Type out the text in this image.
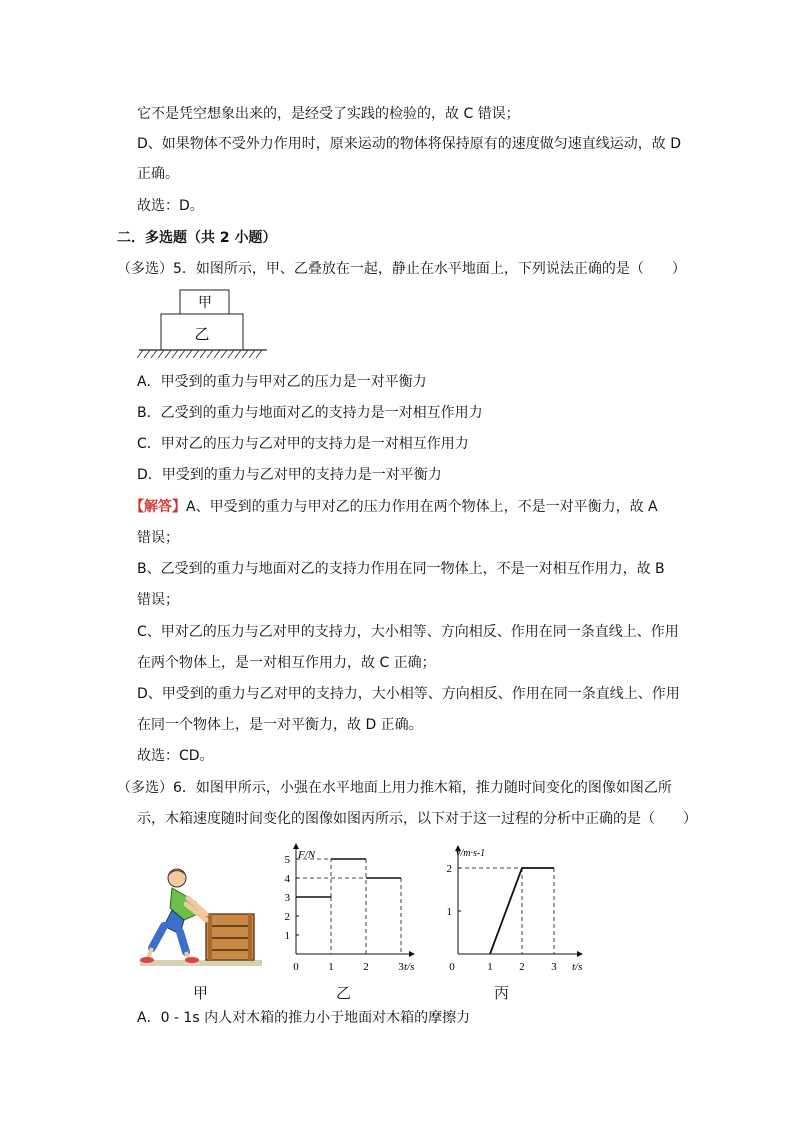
它不是凭空想象出来的，是经受了实践的检验的，故 C 错误；
D、如果物体不受外力作用时，原来运动的物体将保持原有的速度做匀速直线运动，故 D
正确。
故选：D。
二．多选题（共 2 小题）
（多选）5．如图所示，甲、乙叠放在一起，静止在水平地面上，下列说法正确的是（　　）
甲
乙
A．甲受到的重力与甲对乙的压力是一对平衡力
B．乙受到的重力与地面对乙的支持力是一对相互作用力
C．甲对乙的压力与乙对甲的支持力是一对相互作用力
D．甲受到的重力与乙对甲的支持力是一对平衡力
【解答】A、甲受到的重力与甲对乙的压力作用在两个物体上，不是一对平衡力，故 A
错误；
B、乙受到的重力与地面对乙的支持力作用在同一物体上，不是一对相互作用力，故 B
错误；
C、甲对乙的压力与乙对甲的支持力，大小相等、方向相反、作用在同一条直线上、作用
在两个物体上，是一对相互作用力，故 C 正确；
D、甲受到的重力与乙对甲的支持力，大小相等、方向相反、作用在同一条直线上、作用
在同一个物体上，是一对平衡力，故 D 正确。
故选：CD。
（多选）6．如图甲所示，小强在水平地面上用力推木箱，推力随时间变化的图像如图乙所
示，木箱速度随时间变化的图像如图丙所示，以下对于这一过程的分析中正确的是（　　）
F/N
t/s
0	1	2	3
1
2
3
4
5
v/m·s-1
t/s
0	1 2 3
1
2
甲	乙	丙
A．0 - 1s 内人对木箱的推力小于地面对木箱的摩擦力
